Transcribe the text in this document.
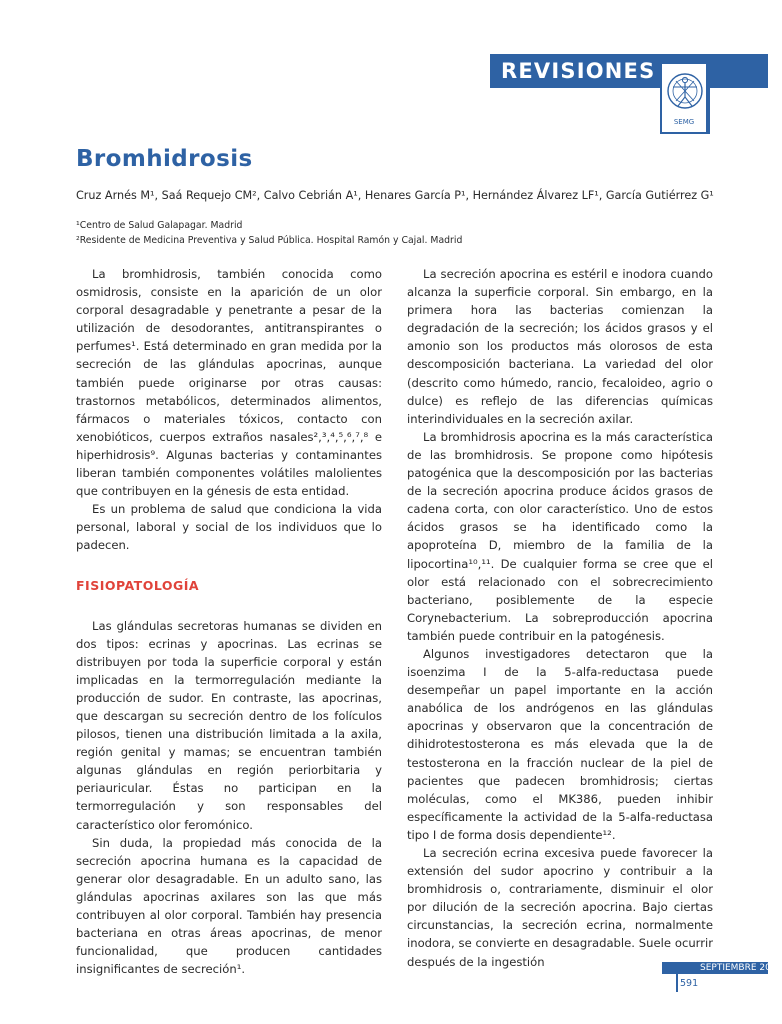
REVISIONES
SEMG
Bromhidrosis
Cruz Arnés M¹, Saá Requejo CM², Calvo Cebrián A¹, Henares García P¹, Hernández Álvarez LF¹, García Gutiérrez G¹
¹Centro de Salud Galapagar. Madrid
²Residente de Medicina Preventiva y Salud Pública. Hospital Ramón y Cajal. Madrid

La bromhidrosis, también conocida como osmidrosis, consiste en la aparición de un olor corporal desagradable y penetrante a pesar de la utilización de desodorantes, antitranspirantes o perfumes¹. Está determinado en gran medida por la secreción de las glándulas apocrinas, aunque también puede originarse por otras causas: trastornos metabólicos, determinados alimentos, fármacos o materiales tóxicos, contacto con xenobióticos, cuerpos extraños nasales²,³,⁴,⁵,⁶,⁷,⁸ e hiperhidrosis⁹. Algunas bacterias y contaminantes liberan también componentes volátiles malolientes que contribuyen en la génesis de esta entidad.

Es un problema de salud que condiciona la vida personal, laboral y social de los individuos que lo padecen.

FISIOPATOLOGÍA

Las glándulas secretoras humanas se dividen en dos tipos: ecrinas y apocrinas. Las ecrinas se distribuyen por toda la superficie corporal y están implicadas en la termorregulación mediante la producción de sudor. En contraste, las apocrinas, que descargan su secreción dentro de los folículos pilosos, tienen una distribución limitada a la axila, región genital y mamas; se encuentran también algunas glándulas en región periorbitaria y periauricular. Éstas no participan en la termorregulación y son responsables del característico olor feromónico.

Sin duda, la propiedad más conocida de la secreción apocrina humana es la capacidad de generar olor desagradable. En un adulto sano, las glándulas apocrinas axilares son las que más contribuyen al olor corporal. También hay presencia bacteriana en otras áreas apocrinas, de menor funcionalidad, que producen cantidades insignificantes de secreción¹.

La secreción apocrina es estéril e inodora cuando alcanza la superficie corporal. Sin embargo, en la primera hora las bacterias comienzan la degradación de la secreción; los ácidos grasos y el amonio son los productos más olorosos de esta descomposición bacteriana. La variedad del olor (descrito como húmedo, rancio, fecaloideo, agrio o dulce) es reflejo de las diferencias químicas interindividuales en la secreción axilar.

La bromhidrosis apocrina es la más característica de las bromhidrosis. Se propone como hipótesis patogénica que la descomposición por las bacterias de la secreción apocrina produce ácidos grasos de cadena corta, con olor característico. Uno de estos ácidos grasos se ha identificado como la apoproteína D, miembro de la familia de la lipocortina¹⁰,¹¹. De cualquier forma se cree que el olor está relacionado con el sobrecrecimiento bacteriano, posiblemente de la especie Corynebacterium. La sobreproducción apocrina también puede contribuir en la patogénesis.

Algunos investigadores detectaron que la isoenzima I de la 5-alfa-reductasa puede desempeñar un papel importante en la acción anabólica de los andrógenos en las glándulas apocrinas y observaron que la concentración de dihidrotestosterona es más elevada que la de testosterona en la fracción nuclear de la piel de pacientes que padecen bromhidrosis; ciertas moléculas, como el MK386, pueden inhibir específicamente la actividad de la 5-alfa-reductasa tipo I de forma dosis dependiente¹².

La secreción ecrina excesiva puede favorecer la extensión del sudor apocrino y contribuir a la bromhidrosis o, contrariamente, disminuir el olor por dilución de la secreción apocrina. Bajo ciertas circunstancias, la secreción ecrina, normalmente inodora, se convierte en desagradable. Suele ocurrir después de la ingestión	SEPTIEMBRE 2005
591
